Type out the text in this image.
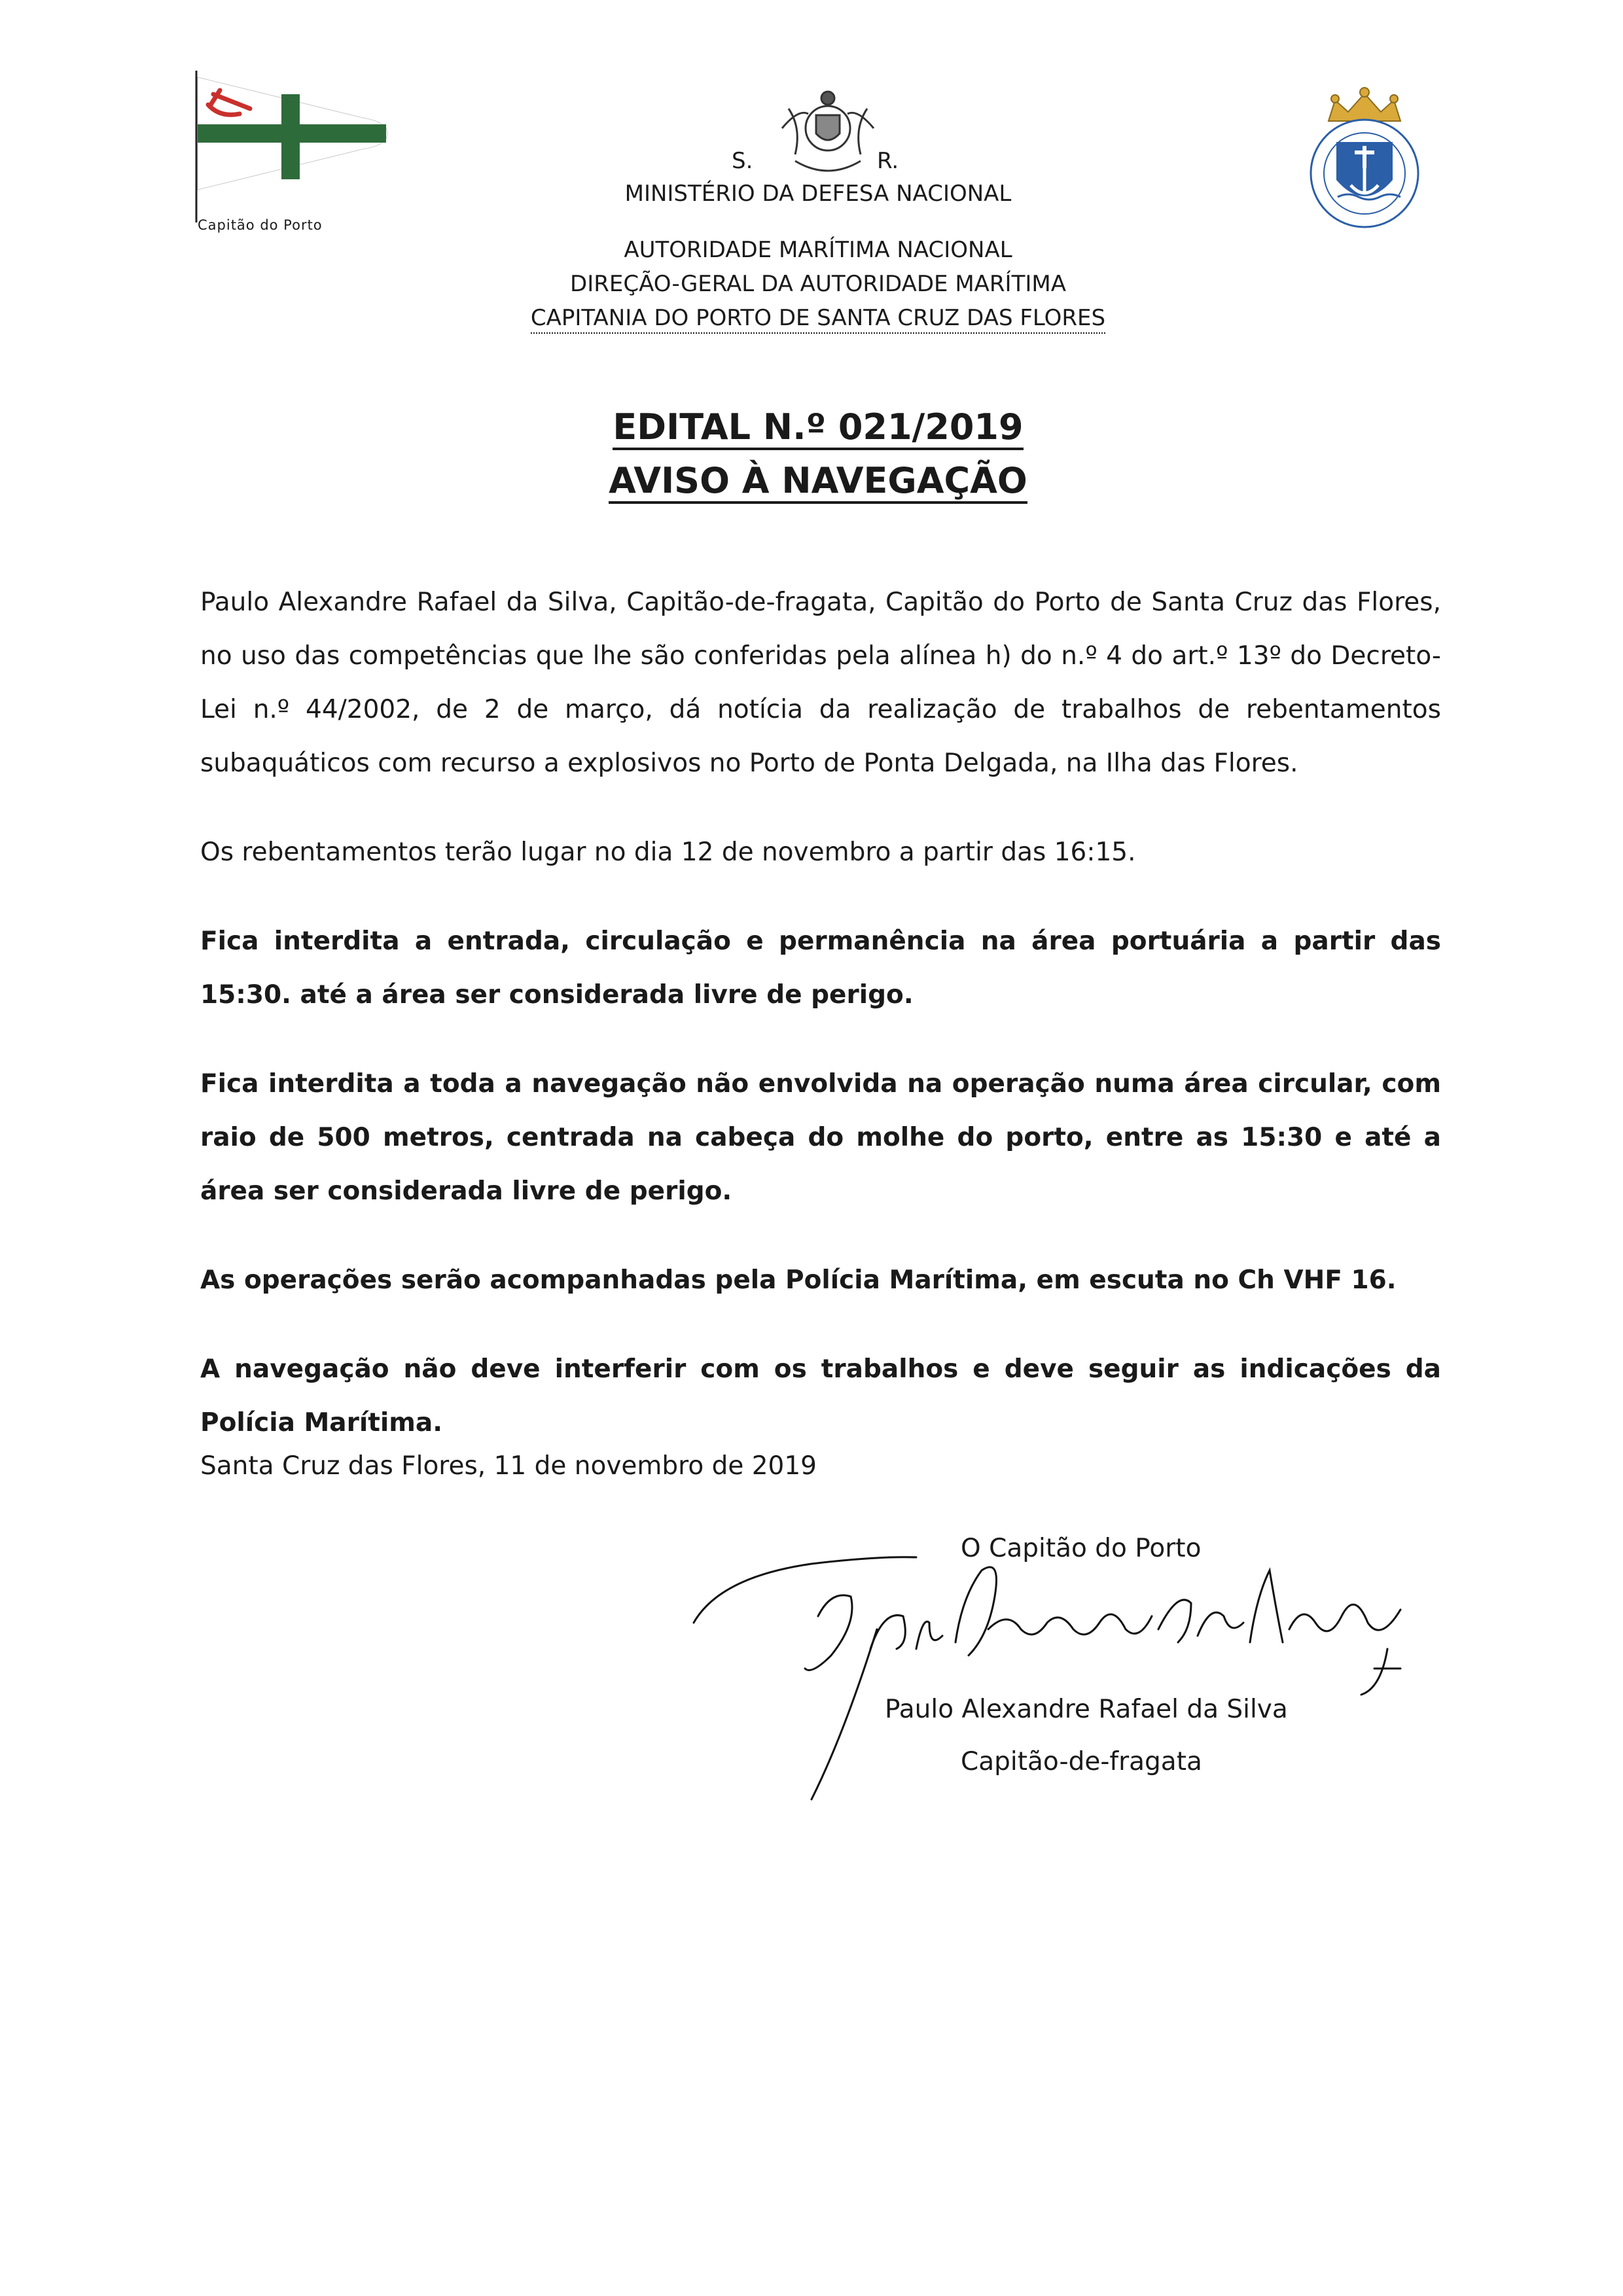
Capitão do Porto
S.	R.
MINISTÉRIO DA DEFESA NACIONAL
AUTORIDADE MARÍTIMA NACIONAL
DIREÇÃO-GERAL DA AUTORIDADE MARÍTIMA
CAPITANIA DO PORTO DE SANTA CRUZ DAS FLORES
EDITAL N.º 021/2019
AVISO À NAVEGAÇÃO

Paulo Alexandre Rafael da Silva, Capitão-de-fragata, Capitão do Porto de Santa Cruz das Flores, no uso das competências que lhe são conferidas pela alínea h) do n.º 4 do art.º 13º do Decreto-Lei n.º 44/2002, de 2 de março, dá notícia da realização de trabalhos de rebentamentos subaquáticos com recurso a explosivos no Porto de Ponta Delgada, na Ilha das Flores.

Os rebentamentos terão lugar no dia 12 de novembro a partir das 16:15.

Fica interdita a entrada, circulação e permanência na área portuária a partir das 15:30. até a área ser considerada livre de perigo.

Fica interdita a toda a navegação não envolvida na operação numa área circular, com raio de 500 metros, centrada na cabeça do molhe do porto, entre as 15:30 e até a área ser considerada livre de perigo.

As operações serão acompanhadas pela Polícia Marítima, em escuta no Ch VHF 16.

A navegação não deve interferir com os trabalhos e deve seguir as indicações da Polícia Marítima.

Santa Cruz das Flores, 11 de novembro de 2019
O Capitão do Porto
Paulo Alexandre Rafael da Silva
Capitão-de-fragata
